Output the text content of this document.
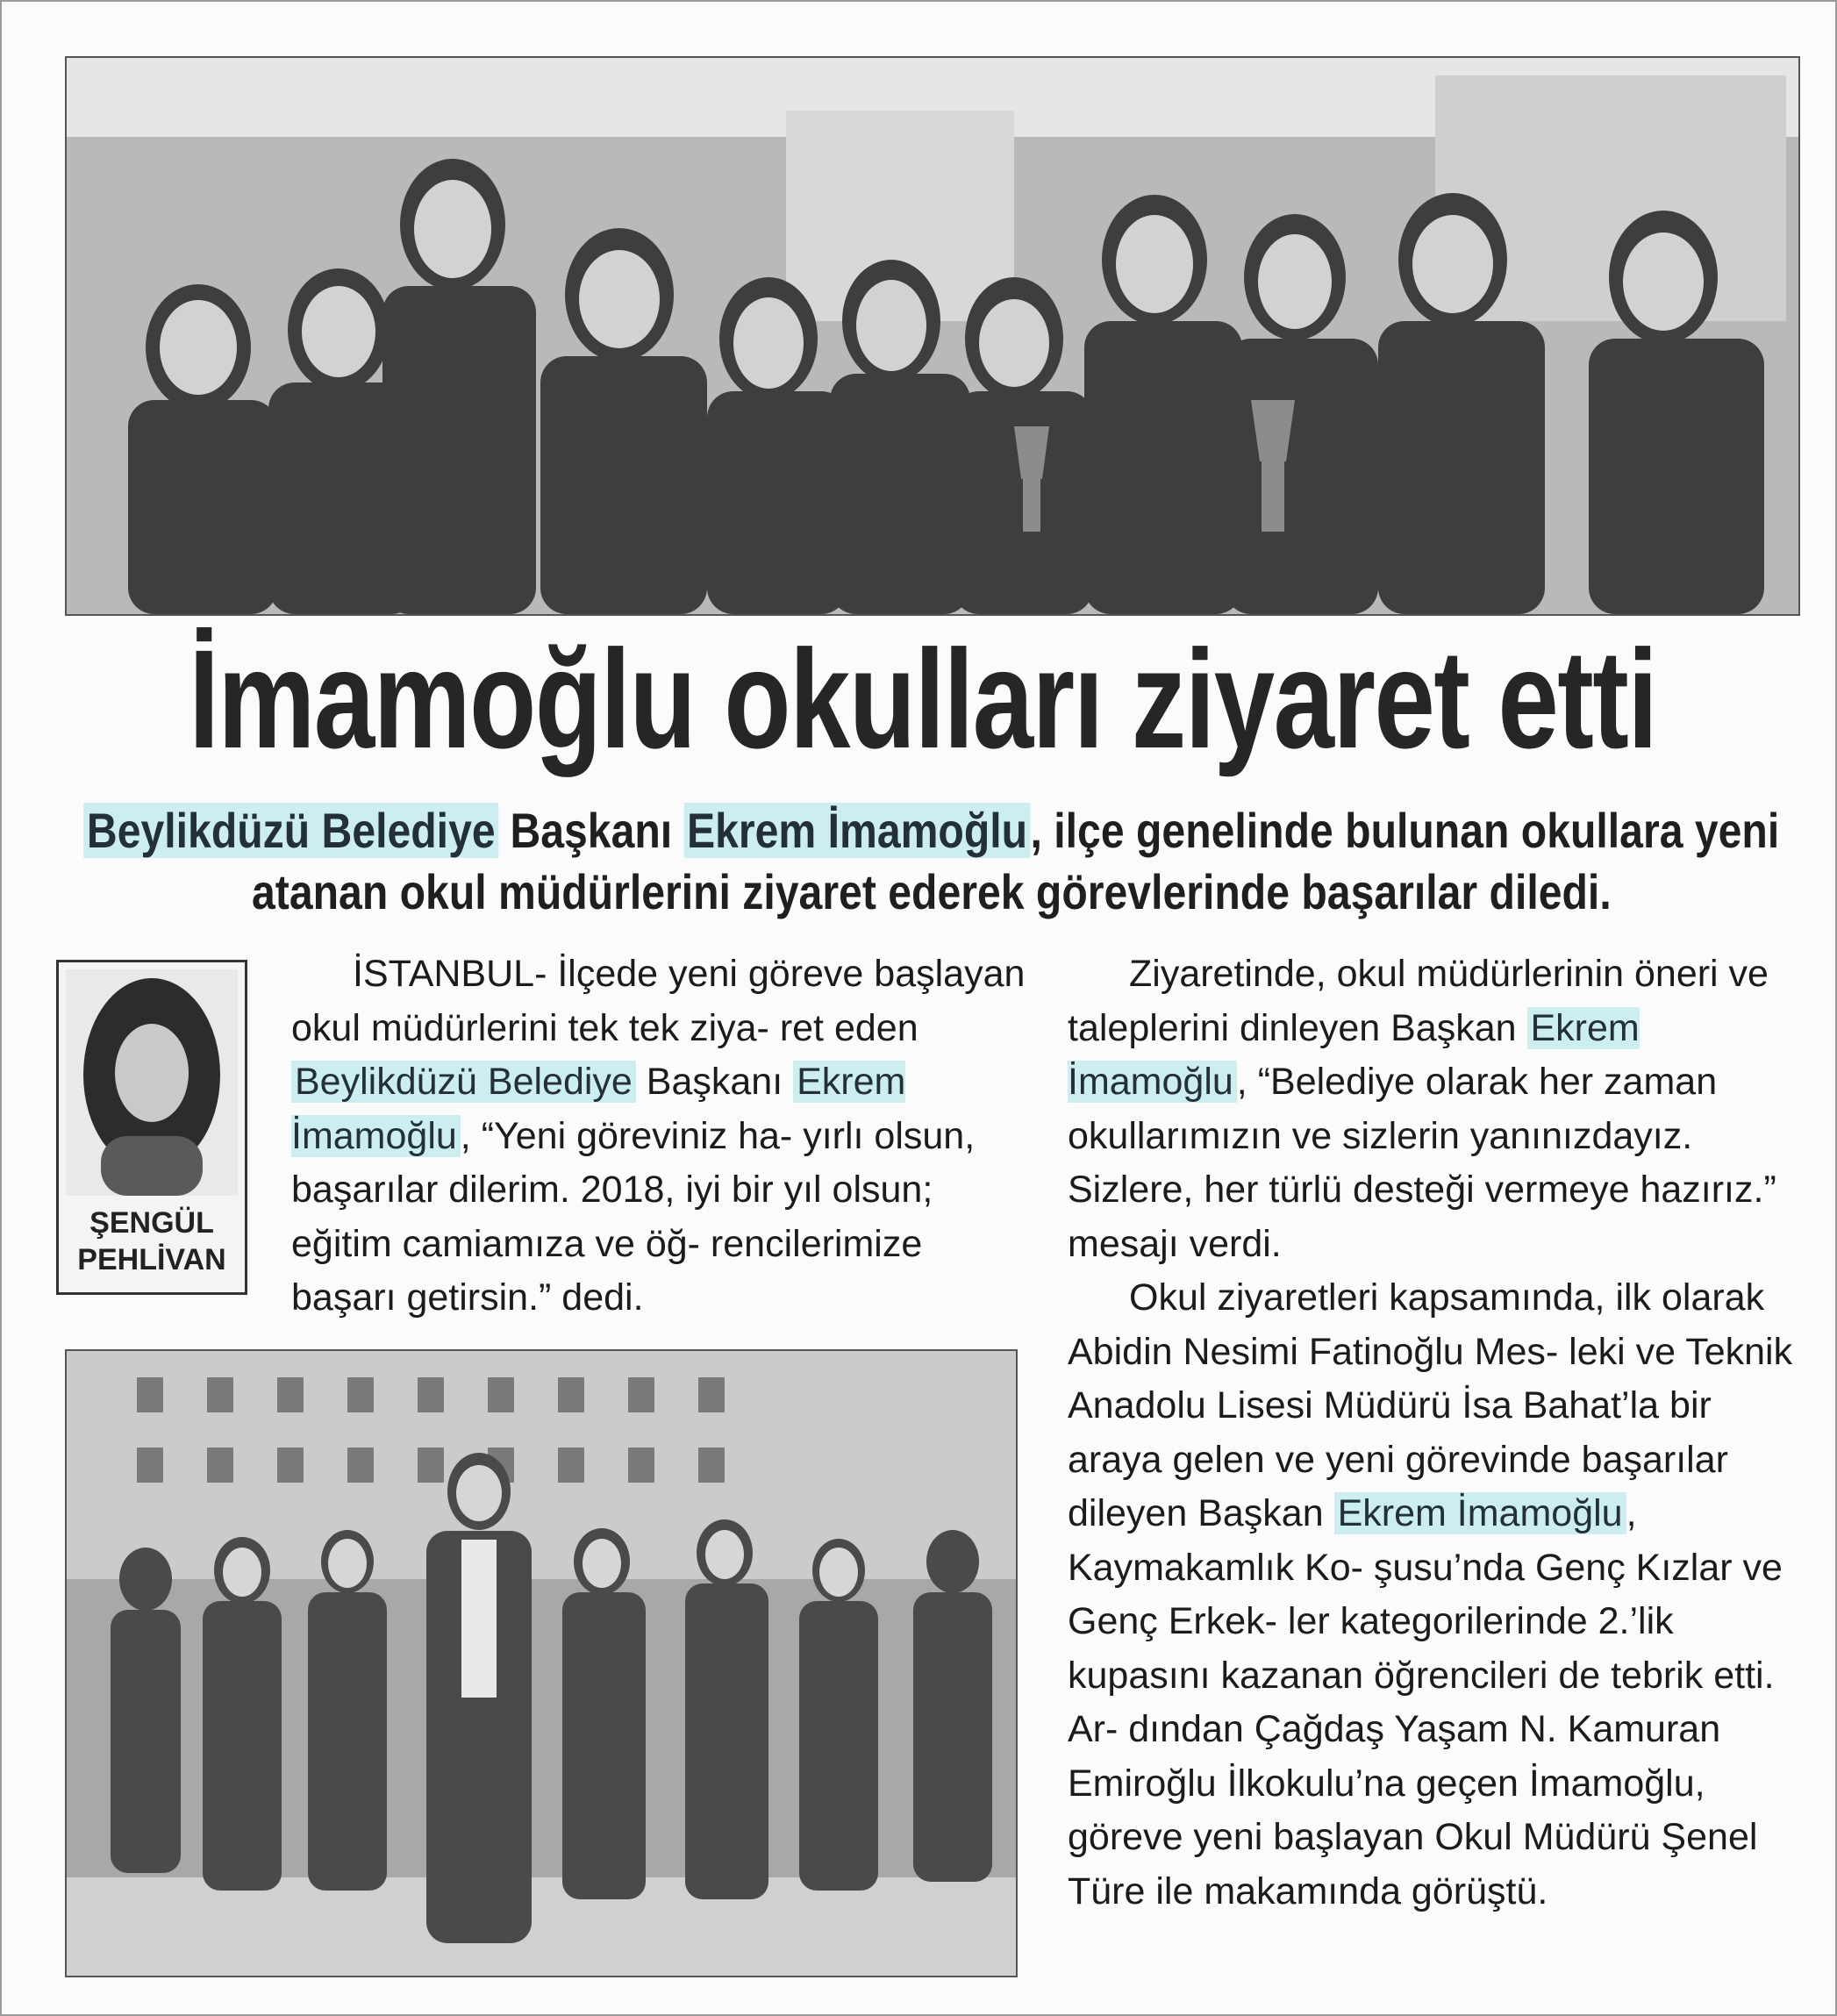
İmamoğlu okulları ziyaret etti
Beylikdüzü Belediye Başkanı Ekrem İmamoğlu, ilçe genelinde bulunan okullara yeni atanan okul müdürlerini ziyaret ederek görevlerinde başarılar diledi.
ŞENGÜL
PEHLİVAN

İSTANBUL- İlçede yeni göreve başlayan okul müdürlerini tek tek ziya- ret eden Beylikdüzü Belediye Başkanı Ekrem İmamoğlu, “Yeni göreviniz ha- yırlı olsun, başarılar dilerim. 2018, iyi bir yıl olsun; eğitim camiamıza ve öğ- rencilerimize başarı getirsin.” dedi.

Ziyaretinde, okul müdürlerinin öneri ve taleplerini dinleyen Başkan Ekrem İmamoğlu, “Belediye olarak her zaman okullarımızın ve sizlerin yanınızdayız. Sizlere, her türlü desteği vermeye hazırız.” mesajı verdi.

Okul ziyaretleri kapsamında, ilk olarak Abidin Nesimi Fatinoğlu Mes- leki ve Teknik Anadolu Lisesi Müdürü İsa Bahat’la bir araya gelen ve yeni görevinde başarılar dileyen Başkan Ekrem İmamoğlu, Kaymakamlık Ko- şusu’nda Genç Kızlar ve Genç Erkek- ler kategorilerinde 2.’lik kupasını kazanan öğrencileri de tebrik etti. Ar- dından Çağdaş Yaşam N. Kamuran Emiroğlu İlkokulu’na geçen İmamoğlu, göreve yeni başlayan Okul Müdürü Şenel Türe ile makamında görüştü.
